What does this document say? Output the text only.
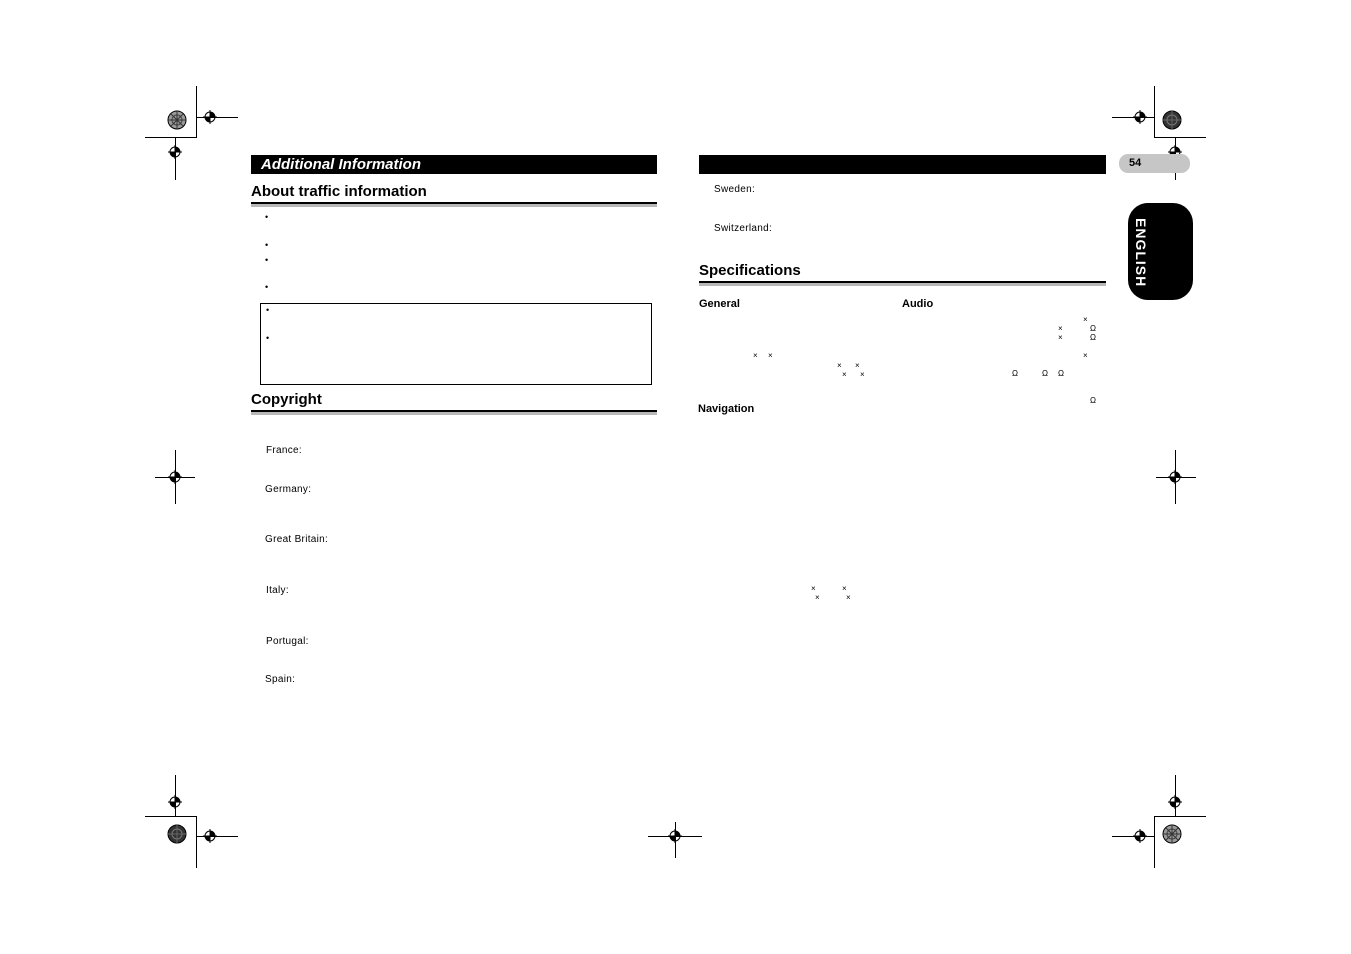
Additional Information
About traffic information
•
•
•
•
•
•
Copyright
France:
Germany:
Great Britain:
Italy:
Portugal:
Spain:
Sweden:
Switzerland:
Specifications
General	Audio
Navigation
× ×
× ×
× ×
×
×	Ω
×	Ω
×
Ω	Ω Ω
Ω
×	×
×	×
54
ENGLISH
